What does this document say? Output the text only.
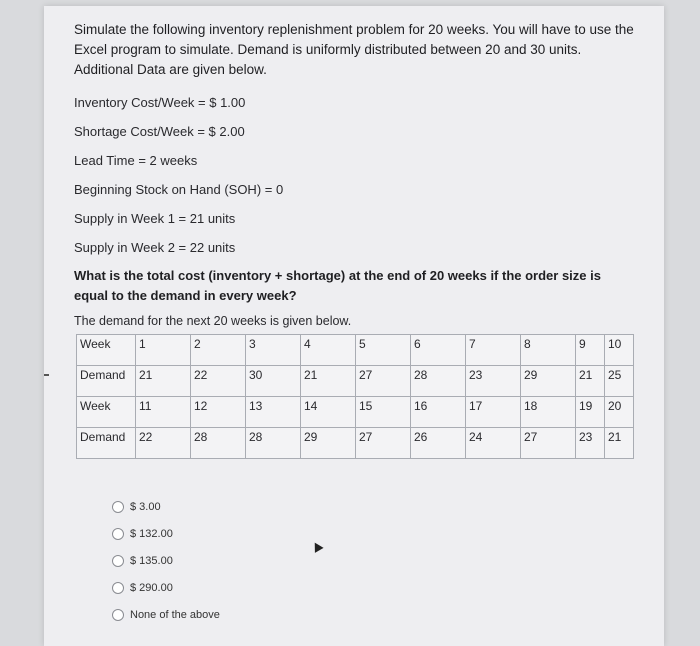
Simulate the following inventory replenishment problem for 20 weeks. You will have to use the Excel program to simulate. Demand is uniformly distributed between 20 and 30 units. Additional Data are given below.

Inventory Cost/Week = $ 1.00

Shortage Cost/Week = $ 2.00

Lead Time = 2 weeks

Beginning Stock on Hand (SOH) = 0

Supply in Week 1 = 21 units

Supply in Week 2 = 22 units

What is the total cost (inventory + shortage) at the end of 20 weeks if the order size is equal to the demand in every week?

The demand for the next 20 weeks is given below.

Week	1	2	3	4	5	6	7	8	9	10
Demand	21	22	30	21	27	28	23	29	21	25
Week	11	12	13	14	15	16	17	18	19	20
Demand	22	28	28	29	27	26	24	27	23	21
$ 3.00
$ 132.00
$ 135.00
$ 290.00
None of the above
